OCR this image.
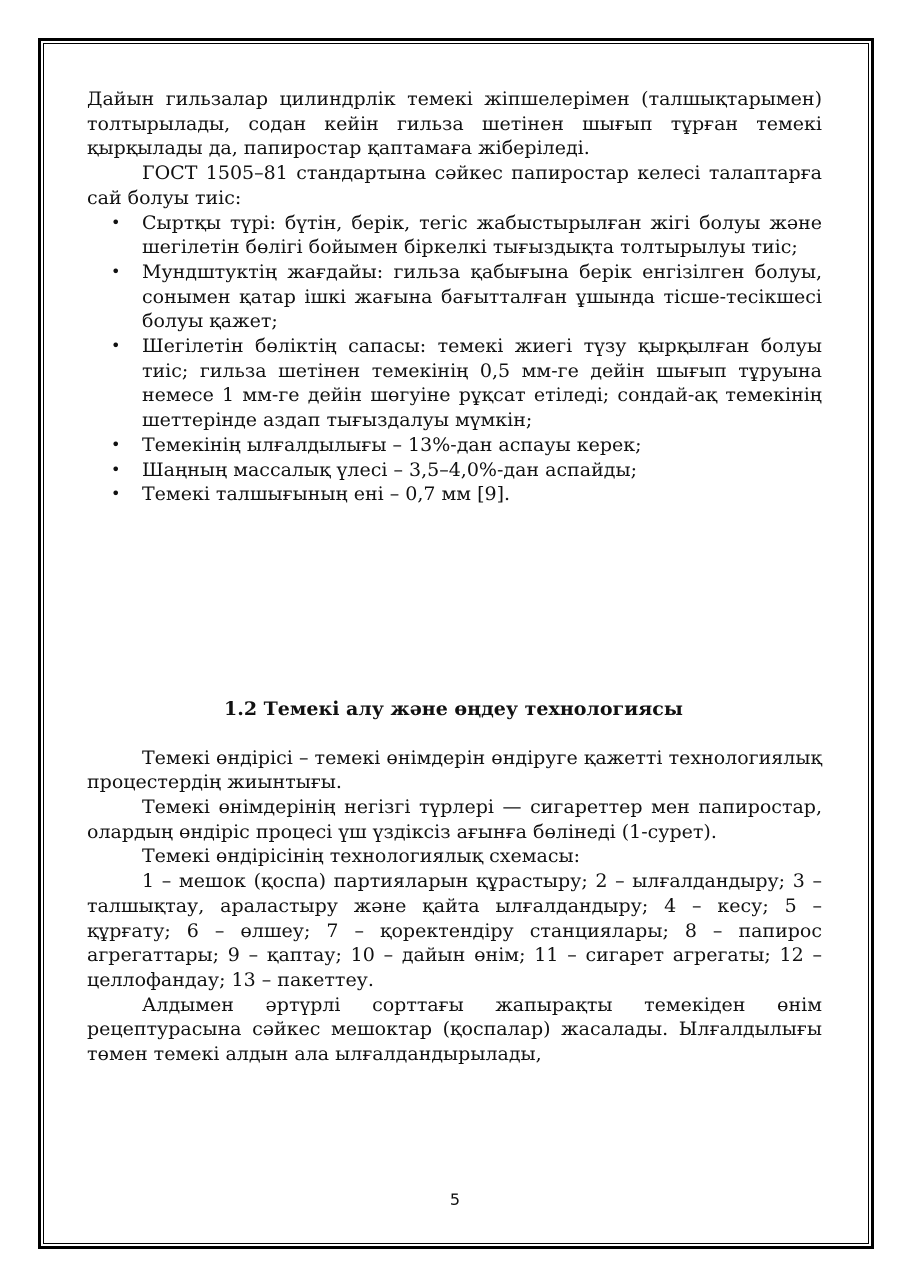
Дайын гильзалар цилиндрлік темекі жіпшелерімен (талшықтарымен) толтырылады, содан кейін гильза шетінен шығып тұрған темекі қырқылады да, папиростар қаптамаға жіберіледі.

ГОСТ 1505–81 стандартына сәйкес папиростар келесі талаптарға сай болуы тиіс:

• Сыртқы түрі: бүтін, берік, тегіс жабыстырылған жігі болуы және шегілетін бөлігі бойымен біркелкі тығыздықта толтырылуы тиіс;
• Мундштуктің жағдайы: гильза қабығына берік енгізілген болуы, сонымен қатар ішкі жағына бағытталған ұшында тісше-тесікшесі болуы қажет;
• Шегілетін бөліктің сапасы: темекі жиегі түзу қырқылған болуы тиіс; гильза шетінен темекінің 0,5 мм-ге дейін шығып тұруына немесе 1 мм-ге дейін шөгуіне рұқсат етіледі; сондай-ақ темекінің шеттерінде аздап тығыздалуы мүмкін;
• Темекінің ылғалдылығы – 13%-дан аспауы керек;
• Шаңның массалық үлесі – 3,5–4,0%-дан аспайды;
• Темекі талшығының ені – 0,7 мм [9].

1.2 Темекі алу және өңдеу технологиясы

Темекі өндірісі – темекі өнімдерін өндіруге қажетті технологиялық процестердің жиынтығы.

Темекі өнімдерінің негізгі түрлері — сигареттер мен папиростар, олардың өндіріс процесі үш үздіксіз ағынға бөлінеді (1-сурет).

Темекі өндірісінің технологиялық схемасы:

1 – мешок (қоспа) партияларын құрастыру; 2 – ылғалдандыру; 3 – талшықтау, араластыру және қайта ылғалдандыру; 4 – кесу; 5 – құрғату; 6 – өлшеу; 7 – қоректендіру станциялары; 8 – папирос агрегаттары; 9 – қаптау; 10 – дайын өнім; 11 – сигарет агрегаты; 12 – целлофандау; 13 – пакеттеу.

Алдымен әртүрлі сорттағы жапырақты темекіден өнім рецептурасына сәйкес мешоктар (қоспалар) жасалады. Ылғалдылығы төмен темекі алдын ала ылғалдандырылады,

5
